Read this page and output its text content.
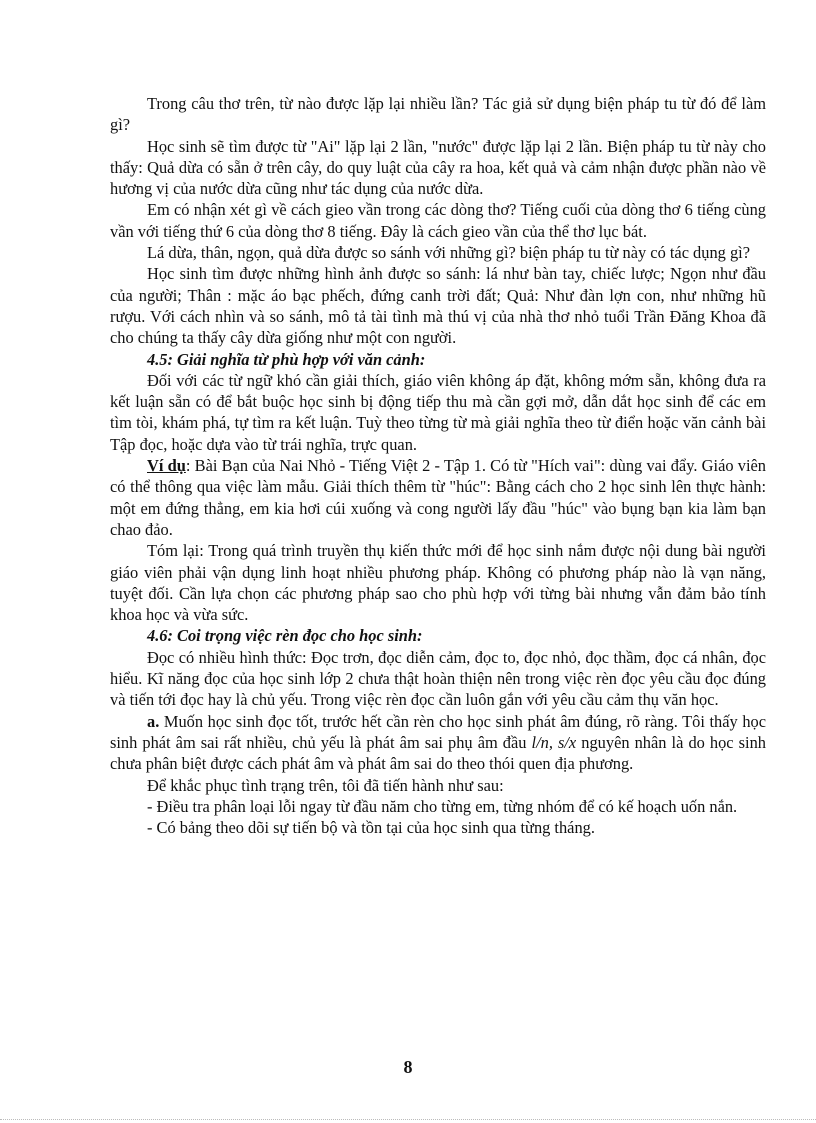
Trong câu thơ trên, từ nào được lặp lại nhiều lần? Tác giả sử dụng biện pháp tu từ đó để làm gì?

Học sinh sẽ tìm được từ "Ai" lặp lại 2 lần, "nước" được lặp lại 2 lần. Biện pháp tu từ này cho thấy: Quả dừa có sẵn ở trên cây, do quy luật của cây ra hoa, kết quả và cảm nhận được phần nào về hương vị của nước dừa cũng như tác dụng của nước dừa.

Em có nhận xét gì về cách gieo vần trong các dòng thơ? Tiếng cuối của dòng thơ 6 tiếng cùng vần với tiếng thứ 6 của dòng thơ 8 tiếng. Đây là cách gieo vần của thể thơ lục bát.

Lá dừa, thân, ngọn, quả dừa được so sánh với những gì? biện pháp tu từ này có tác dụng gì?

Học sinh tìm được những hình ảnh được so sánh: lá như bàn tay, chiếc lược; Ngọn như đầu của người; Thân : mặc áo bạc phếch, đứng canh trời đất; Quả: Như đàn lợn con, như những hũ rượu. Với cách nhìn và so sánh, mô tả tài tình mà thú vị của nhà thơ nhỏ tuổi Trần Đăng Khoa đã cho chúng ta thấy cây dừa giống như một con người.

4.5: Giải nghĩa từ phù hợp với văn cảnh:

Đối với các từ ngữ khó cần giải thích, giáo viên không áp đặt, không mớm sẵn, không đưa ra kết luận sẵn có để bắt buộc học sinh bị động tiếp thu mà cần gợi mở, dẫn dắt học sinh để các em tìm tòi, khám phá, tự tìm ra kết luận. Tuỳ theo từng từ mà giải nghĩa theo từ điển hoặc văn cảnh bài Tập đọc, hoặc dựa vào từ trái nghĩa, trực quan.

Ví dụ: Bài Bạn của Nai Nhỏ - Tiếng Việt 2 - Tập 1. Có từ "Hích vai": dùng vai đẩy. Giáo viên có thể thông qua việc làm mẫu. Giải thích thêm từ "húc": Bằng cách cho 2 học sinh lên thực hành: một em đứng thẳng, em kia hơi cúi xuống và cong người lấy đầu "húc" vào bụng bạn kia làm bạn chao đảo.

Tóm lại: Trong quá trình truyền thụ kiến thức mới để học sinh nắm được nội dung bài người giáo viên phải vận dụng linh hoạt nhiều phương pháp. Không có phương pháp nào là vạn năng, tuyệt đối. Cần lựa chọn các phương pháp sao cho phù hợp với từng bài nhưng vẫn đảm bảo tính khoa học và vừa sức.

4.6: Coi trọng việc rèn đọc cho học sinh:

Đọc có nhiều hình thức: Đọc trơn, đọc diễn cảm, đọc to, đọc nhỏ, đọc thầm, đọc cá nhân, đọc hiểu. Kĩ năng đọc của học sinh lớp 2 chưa thật hoàn thiện nên trong việc rèn đọc yêu cầu đọc đúng và tiến tới đọc hay là chủ yếu. Trong việc rèn đọc cần luôn gắn với yêu cầu cảm thụ văn học.

a. Muốn học sinh đọc tốt, trước hết cần rèn cho học sinh phát âm đúng, rõ ràng. Tôi thấy học sinh phát âm sai rất nhiều, chủ yếu là phát âm sai phụ âm đầu l/n, s/x nguyên nhân là do học sinh chưa phân biệt được cách phát âm và phát âm sai do theo thói quen địa phương.

Để khắc phục tình trạng trên, tôi đã tiến hành như sau:

- Điều tra phân loại lỗi ngay từ đầu năm cho từng em, từng nhóm để có kế hoạch uốn nắn.

- Có bảng theo dõi sự tiến bộ và tồn tại của học sinh qua từng tháng.

8
